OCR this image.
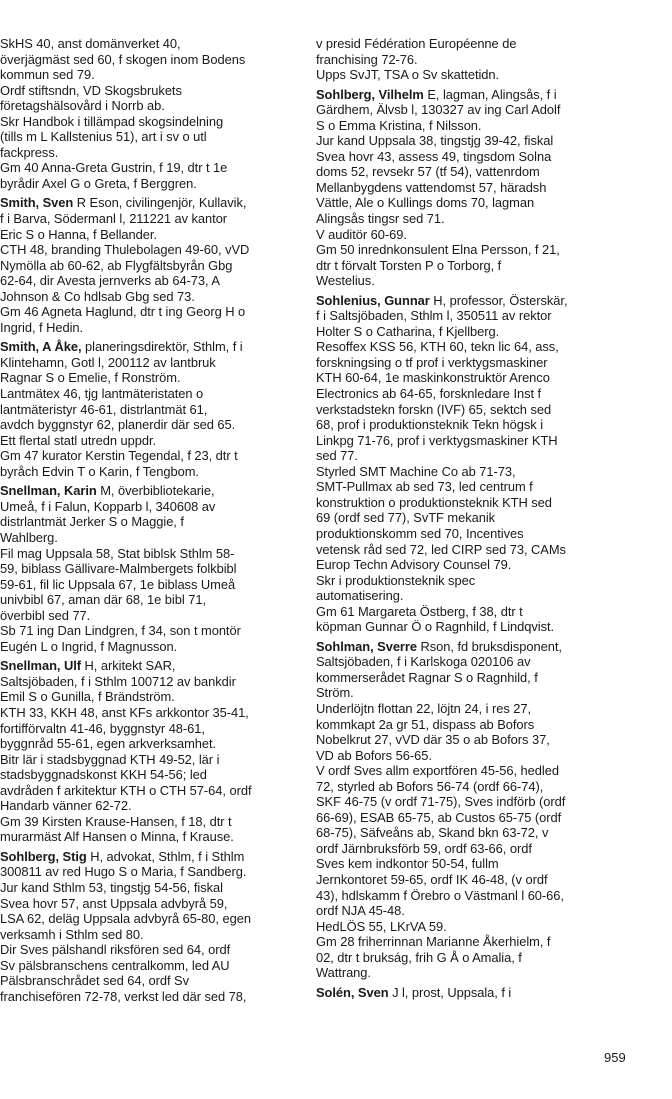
SkHS 40, anst domänverket 40,
överjägmäst sed 60, f skogen inom Bodens
kommun sed 79.
Ordf stiftsndn, VD Skogsbrukets
företagshälsovård i Norrb ab.
Skr Handbok i tillämpad skogsindelning
(tills m L Kallstenius 51), art i sv o utl
fackpress.
Gm 40 Anna-Greta Gustrin, f 19, dtr t 1e
byrådir Axel G o Greta, f Berggren.
Smith, Sven R Eson, civilingenjör, Kullavik,
f i Barva, Södermanl l, 211221 av kantor
Eric S o Hanna, f Bellander.
CTH 48, branding Thulebolagen 49-60, vVD
Nymölla ab 60-62, ab Flygfältsbyrån Gbg
62-64, dir Avesta jernverks ab 64-73, A
Johnson & Co hdlsab Gbg sed 73.
Gm 46 Agneta Haglund, dtr t ing Georg H o
Ingrid, f Hedin.
Smith, A Åke, planeringsdirektör, Sthlm, f i
Klintehamn, Gotl l, 200112 av lantbruk
Ragnar S o Emelie, f Ronström.
Lantmätex 46, tjg lantmäteristaten o
lantmäteristyr 46-61, distrlantmät 61,
avdch byggnstyr 62, planerdir där sed 65.
Ett flertal statl utredn uppdr.
Gm 47 kurator Kerstin Tegendal, f 23, dtr t
byråch Edvin T o Karin, f Tengbom.
Snellman, Karin M, överbibliotekarie,
Umeå, f i Falun, Kopparb l, 340608 av
distrlantmät Jerker S o Maggie, f
Wahlberg.
Fil mag Uppsala 58, Stat biblsk Sthlm 58-
59, biblass Gällivare-Malmbergets folkbibl
59-61, fil lic Uppsala 67, 1e biblass Umeå
univbibl 67, aman där 68, 1e bibl 71,
överbibl sed 77.
Sb 71 ing Dan Lindgren, f 34, son t montör
Eugén L o Ingrid, f Magnusson.
Snellman, Ulf H, arkitekt SAR,
Saltsjöbaden, f i Sthlm 100712 av bankdir
Emil S o Gunilla, f Brändström.
KTH 33, KKH 48, anst KFs arkkontor 35-41,
fortifförvaltn 41-46, byggnstyr 48-61,
byggnråd 55-61, egen arkverksamhet.
Bitr lär i stadsbyggnad KTH 49-52, lär i
stadsbyggnadskonst KKH 54-56; led
avdråden f arkitektur KTH o CTH 57-64, ordf
Handarb vänner 62-72.
Gm 39 Kirsten Krause-Hansen, f 18, dtr t
murarmäst Alf Hansen o Minna, f Krause.
Sohlberg, Stig H, advokat, Sthlm, f i Sthlm
300811 av red Hugo S o Maria, f Sandberg.
Jur kand Sthlm 53, tingstjg 54-56, fiskal
Svea hovr 57, anst Uppsala advbyrå 59,
LSA 62, deläg Uppsala advbyrå 65-80, egen
verksamh i Sthlm sed 80.
Dir Sves pälshandl riksfören sed 64, ordf
Sv pälsbranschens centralkomm, led AU
Pälsbranschrådet sed 64, ordf Sv
franchisefören 72-78, verkst led där sed 78,
v presid Fédération Européenne de
franchising 72-76.
Upps SvJT, TSA o Sv skattetidn.
Sohlberg, Vilhelm E, lagman, Alingsås, f i
Gärdhem, Älvsb l, 130327 av ing Carl Adolf
S o Emma Kristina, f Nilsson.
Jur kand Uppsala 38, tingstjg 39-42, fiskal
Svea hovr 43, assess 49, tingsdom Solna
doms 52, revsekr 57 (tf 54), vattenrdom
Mellanbygdens vattendomst 57, häradsh
Vättle, Ale o Kullings doms 70, lagman
Alingsås tingsr sed 71.
V auditör 60-69.
Gm 50 inrednkonsulent Elna Persson, f 21,
dtr t förvalt Torsten P o Torborg, f
Westelius.
Sohlenius, Gunnar H, professor, Österskär,
f i Saltsjöbaden, Sthlm l, 350511 av rektor
Holter S o Catharina, f Kjellberg.
Resoffex KSS 56, KTH 60, tekn lic 64, ass,
forskningsing o tf prof i verktygsmaskiner
KTH 60-64, 1e maskinkonstruktör Arenco
Electronics ab 64-65, forsknledare Inst f
verkstadstekn forskn (IVF) 65, sektch sed
68, prof i produktionsteknik Tekn högsk i
Linkpg 71-76, prof i verktygsmaskiner KTH
sed 77.
Styrled SMT Machine Co ab 71-73,
SMT-Pullmax ab sed 73, led centrum f
konstruktion o produktionsteknik KTH sed
69 (ordf sed 77), SvTF mekanik
produktionskomm sed 70, Incentives
vetensk råd sed 72, led CIRP sed 73, CAMs
Europ Techn Advisory Counsel 79.
Skr i produktionsteknik spec
automatisering.
Gm 61 Margareta Östberg, f 38, dtr t
köpman Gunnar Ö o Ragnhild, f Lindqvist.
Sohlman, Sverre Rson, fd bruksdisponent,
Saltsjöbaden, f i Karlskoga 020106 av
kommerserådet Ragnar S o Ragnhild, f
Ström.
Underlöjtn flottan 22, löjtn 24, i res 27,
kommkapt 2a gr 51, dispass ab Bofors
Nobelkrut 27, vVD där 35 o ab Bofors 37,
VD ab Bofors 56-65.
V ordf Sves allm exportfören 45-56, hedled
72, styrled ab Bofors 56-74 (ordf 66-74),
SKF 46-75 (v ordf 71-75), Sves indförb (ordf
66-69), ESAB 65-75, ab Custos 65-75 (ordf
68-75), Säfveåns ab, Skand bkn 63-72, v
ordf Järnbruksförb 59, ordf 63-66, ordf
Sves kem indkontor 50-54, fullm
Jernkontoret 59-65, ordf IK 46-48, (v ordf
43), hdlskamm f Örebro o Västmanl l 60-66,
ordf NJA 45-48.
HedLÖS 55, LKrVA 59.
Gm 28 friherrinnan Marianne Åkerhielm, f
02, dtr t brukság, frih G Å o Amalia, f
Wattrang.
Solén, Sven J l, prost, Uppsala, f i
959
